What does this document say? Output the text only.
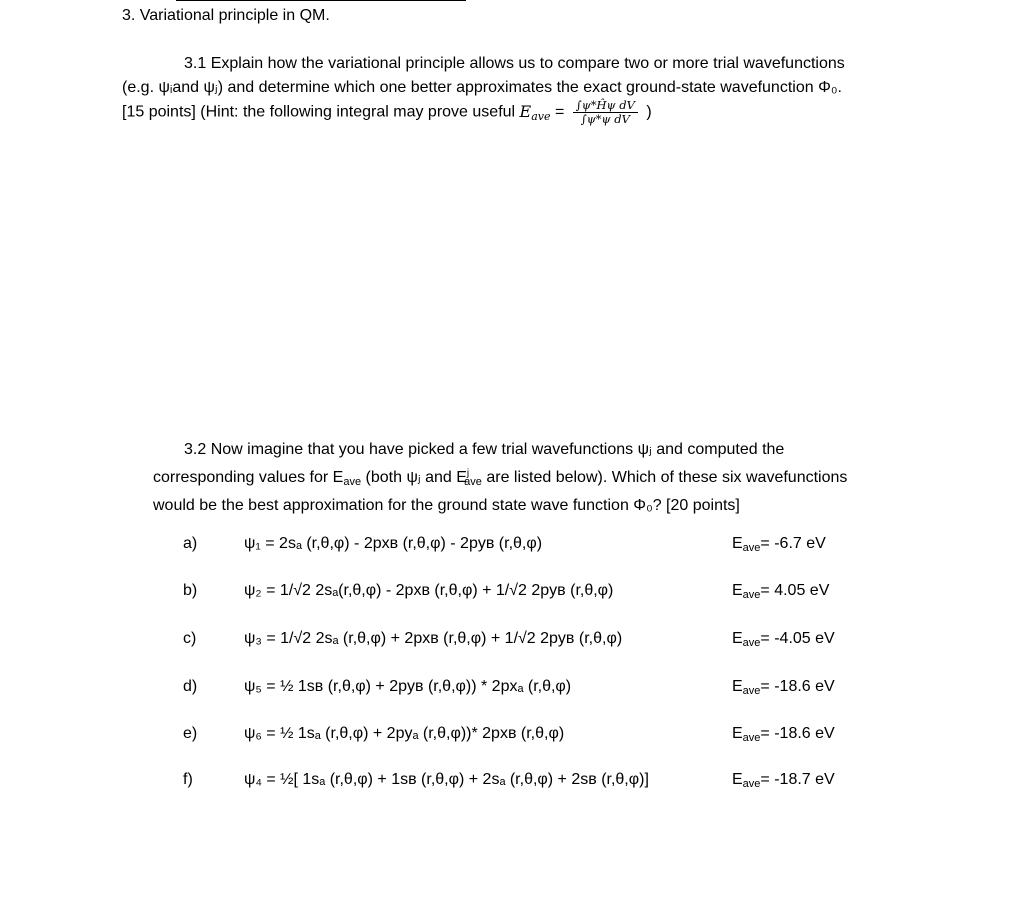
3. Variational principle in QM.

3.1 Explain how the variational principle allows us to compare two or more trial wavefunctions

(e.g. ψᵢand ψⱼ) and determine which one better approximates the exact ground-state wavefunction Φ₀.

[15 points] (Hint: the following integral may prove useful $E_{ave} = \frac{\text{∫ψ*Ĥψ dV}}{\text{∫ψ*ψ dV}}$ )

3.2 Now imagine that you have picked a few trial wavefunctions ψⱼ and computed the

corresponding values for $E_{ave}$ (both ψⱼ and $E^j_{ave}$ are listed below). Which of these six wavefunctions

would be the best approximation for the ground state wave function Φ₀? [20 points]

a)	ψ₁ = 2sₐ (r,θ,φ) - 2pxʙ (r,θ,φ) - 2pyʙ (r,θ,φ)	$E_{ave}= -6.7$ eV
b)	ψ₂ = 1/√2 2sₐ(r,θ,φ) - 2pxʙ (r,θ,φ) + 1/√2 2pyʙ (r,θ,φ)	$E_{ave}= 4.05$ eV
c)	ψ₃ = 1/√2 2sₐ (r,θ,φ) + 2pxʙ (r,θ,φ) + 1/√2 2pyʙ (r,θ,φ)	$E_{ave}= -4.05$ eV
d)	ψ₅ = ½ 1sʙ (r,θ,φ) + 2pyʙ (r,θ,φ)) * 2pxₐ (r,θ,φ)	$E_{ave}= -18.6$ eV
e)	ψ₆ = ½ 1sₐ (r,θ,φ) + 2pyₐ (r,θ,φ))* 2pxʙ (r,θ,φ)	$E_{ave}= -18.6$ eV
f)	ψ₄ = ½[ 1sₐ (r,θ,φ) + 1sʙ (r,θ,φ) + 2sₐ (r,θ,φ) + 2sʙ (r,θ,φ)]	$E_{ave}= -18.7$ eV
